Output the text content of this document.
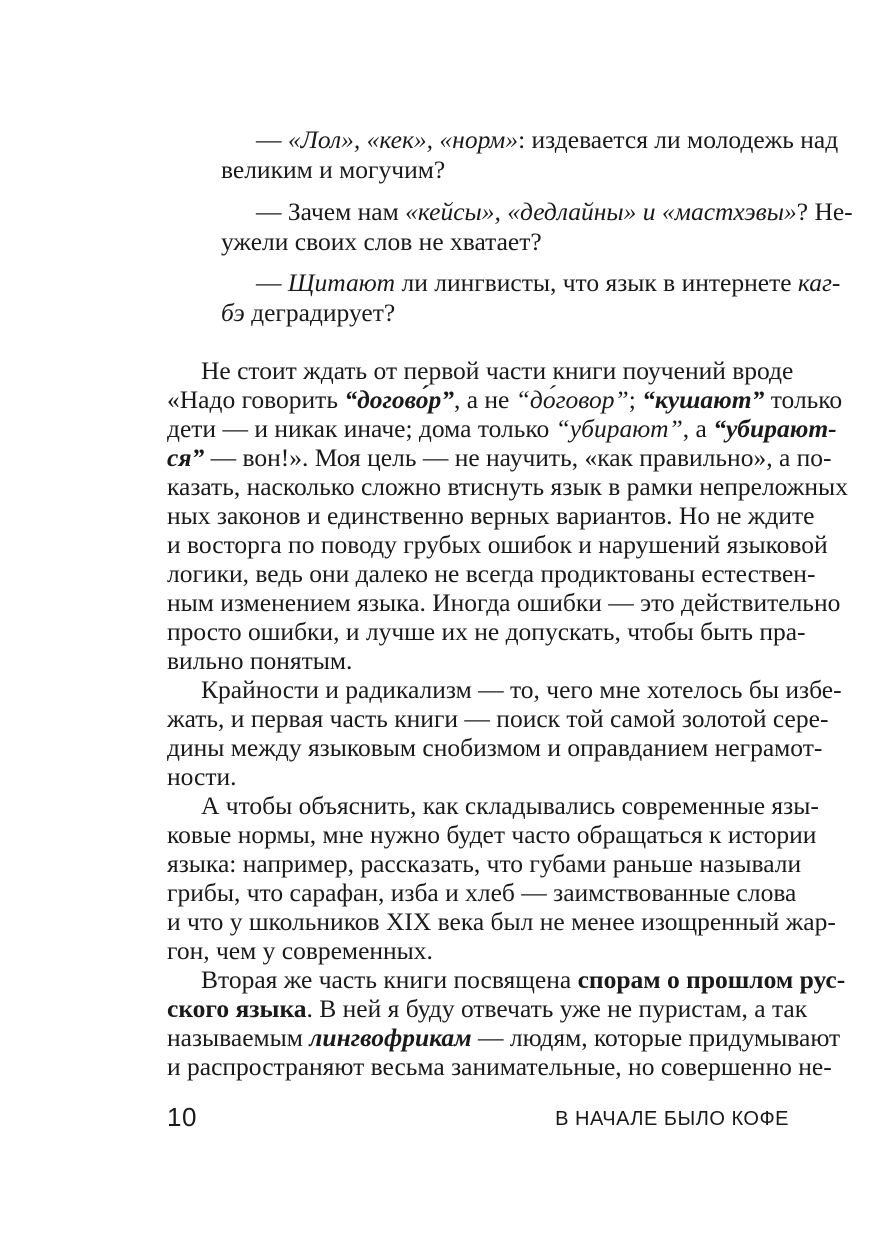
— «Лол», «кек», «норм»: издевается ли молодежь над

великим и могучим?

— Зачем нам «кейсы», «дедлайны» и «мастхэвы»? Не-

ужели своих слов не хватает?

— Щитают ли лингвисты, что язык в интернете каг-

бэ деградирует?

Не стоит ждать от первой части книги поучений вроде

«Надо говорить “догово́р”, а не “до́говор”; “кушают” только

дети — и никак иначе; дома только “убирают”, а “убирают-

ся” — вон!». Моя цель — не научить, «как правильно», а по-

казать, насколько сложно втиснуть язык в рамки непреложных

ных законов и единственно верных вариантов. Но не ждите

и восторга по поводу грубых ошибок и нарушений языковой

логики, ведь они далеко не всегда продиктованы естествен-

ным изменением языка. Иногда ошибки — это действительно

просто ошибки, и лучше их не допускать, чтобы быть пра-

вильно понятым.

Крайности и радикализм — то, чего мне хотелось бы избе-

жать, и первая часть книги — поиск той самой золотой сере-

дины между языковым снобизмом и оправданием неграмот-

ности.

А чтобы объяснить, как складывались современные язы-

ковые нормы, мне нужно будет часто обращаться к истории

языка: например, рассказать, что губами раньше называли

грибы, что сарафан, изба и хлеб — заимствованные слова

и что у школьников XIX века был не менее изощренный жар-

гон, чем у современных.

Вторая же часть книги посвящена спорам о прошлом рус-

ского языка. В ней я буду отвечать уже не пуристам, а так

называемым лингвофрикам — людям, которые придумывают

и распространяют весьма занимательные, но совершенно не-

10	В НАЧАЛЕ БЫЛО КОФЕ
